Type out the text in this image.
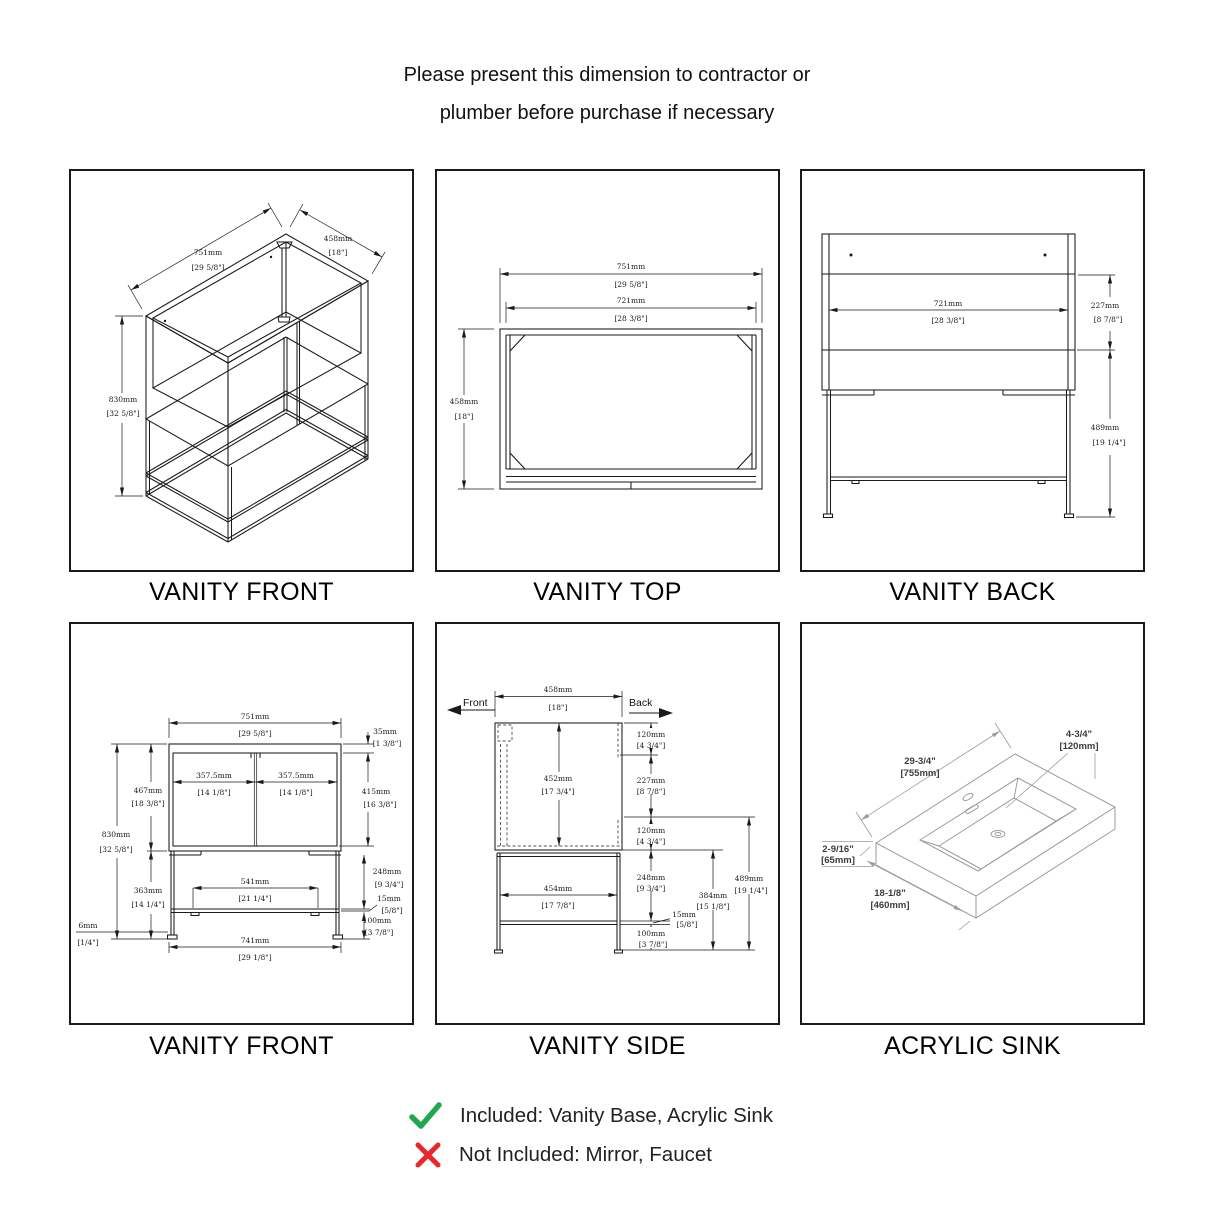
Please present this dimension to contractor or
plumber before purchase if necessary
751mm
[29 5/8"]
458mm
[18"]
830mm
[32 5/8"]
VANITY FRONT
751mm
[29 5/8"]
721mm
[28 3/8"]
458mm
[18"]
VANITY TOP
721mm
[28 3/8"]
227mm
[8 7/8"]
489mm
[19 1/4"]
VANITY BACK
751mm
[29 5/8"]	35mm
[1 3/8"]
357.5mm
[14 1/8"]
357.5mm
[14 1/8"]
467mm
[18 3/8"]
415mm
[16 3/8"]
830mm
[32 5/8"]
363mm
[14 1/4"]
541mm
[21 1/4"]
248mm
[9 3/4"]
15mm
[5/8"]
100mm
[3 7/8"]
6mm
[1/4"]	741mm
[29 1/8"]
VANITY FRONT
Front	Back
458mm
[18"]
452mm
[17 3/4"]
454mm
[17 7/8"]
120mm
[4 3/4"]
227mm
[8 7/8"]
120mm
[4 3/4"]
248mm
[9 3/4"]
15mm
[5/8"]
100mm
[3 7/8"]
384mm
[15 1/8"]
489mm
[19 1/4"]
VANITY SIDE
29-3/4"
[755mm]
4-3/4"
[120mm]
2-9/16"
[65mm]
18-1/8"
[460mm]
ACRYLIC SINK
Included: Vanity Base, Acrylic Sink
Not Included: Mirror, Faucet
